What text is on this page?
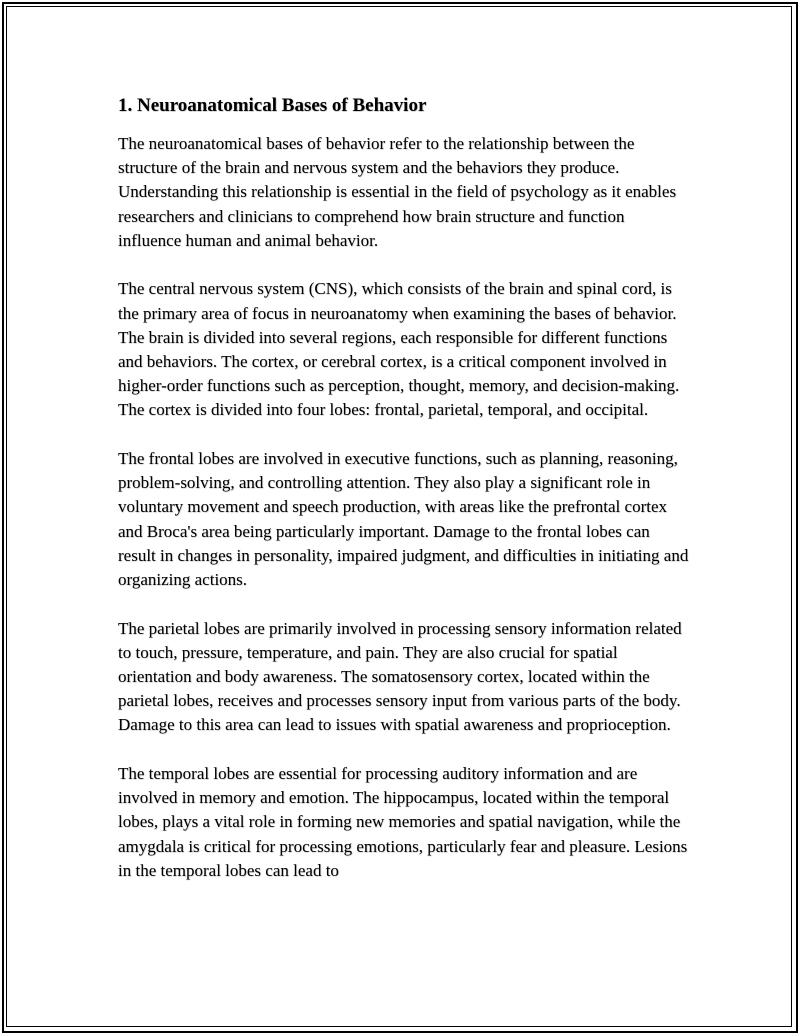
1. Neuroanatomical Bases of Behavior

The neuroanatomical bases of behavior refer to the relationship between the structure of the brain and nervous system and the behaviors they produce. Understanding this relationship is essential in the field of psychology as it enables researchers and clinicians to comprehend how brain structure and function influence human and animal behavior.

The central nervous system (CNS), which consists of the brain and spinal cord, is the primary area of focus in neuroanatomy when examining the bases of behavior. The brain is divided into several regions, each responsible for different functions and behaviors. The cortex, or cerebral cortex, is a critical component involved in higher-order functions such as perception, thought, memory, and decision-making. The cortex is divided into four lobes: frontal, parietal, temporal, and occipital.

The frontal lobes are involved in executive functions, such as planning, reasoning, problem-solving, and controlling attention. They also play a significant role in voluntary movement and speech production, with areas like the prefrontal cortex and Broca's area being particularly important. Damage to the frontal lobes can result in changes in personality, impaired judgment, and difficulties in initiating and organizing actions.

The parietal lobes are primarily involved in processing sensory information related to touch, pressure, temperature, and pain. They are also crucial for spatial orientation and body awareness. The somatosensory cortex, located within the parietal lobes, receives and processes sensory input from various parts of the body. Damage to this area can lead to issues with spatial awareness and proprioception.

The temporal lobes are essential for processing auditory information and are involved in memory and emotion. The hippocampus, located within the temporal lobes, plays a vital role in forming new memories and spatial navigation, while the amygdala is critical for processing emotions, particularly fear and pleasure. Lesions in the temporal lobes can lead to
